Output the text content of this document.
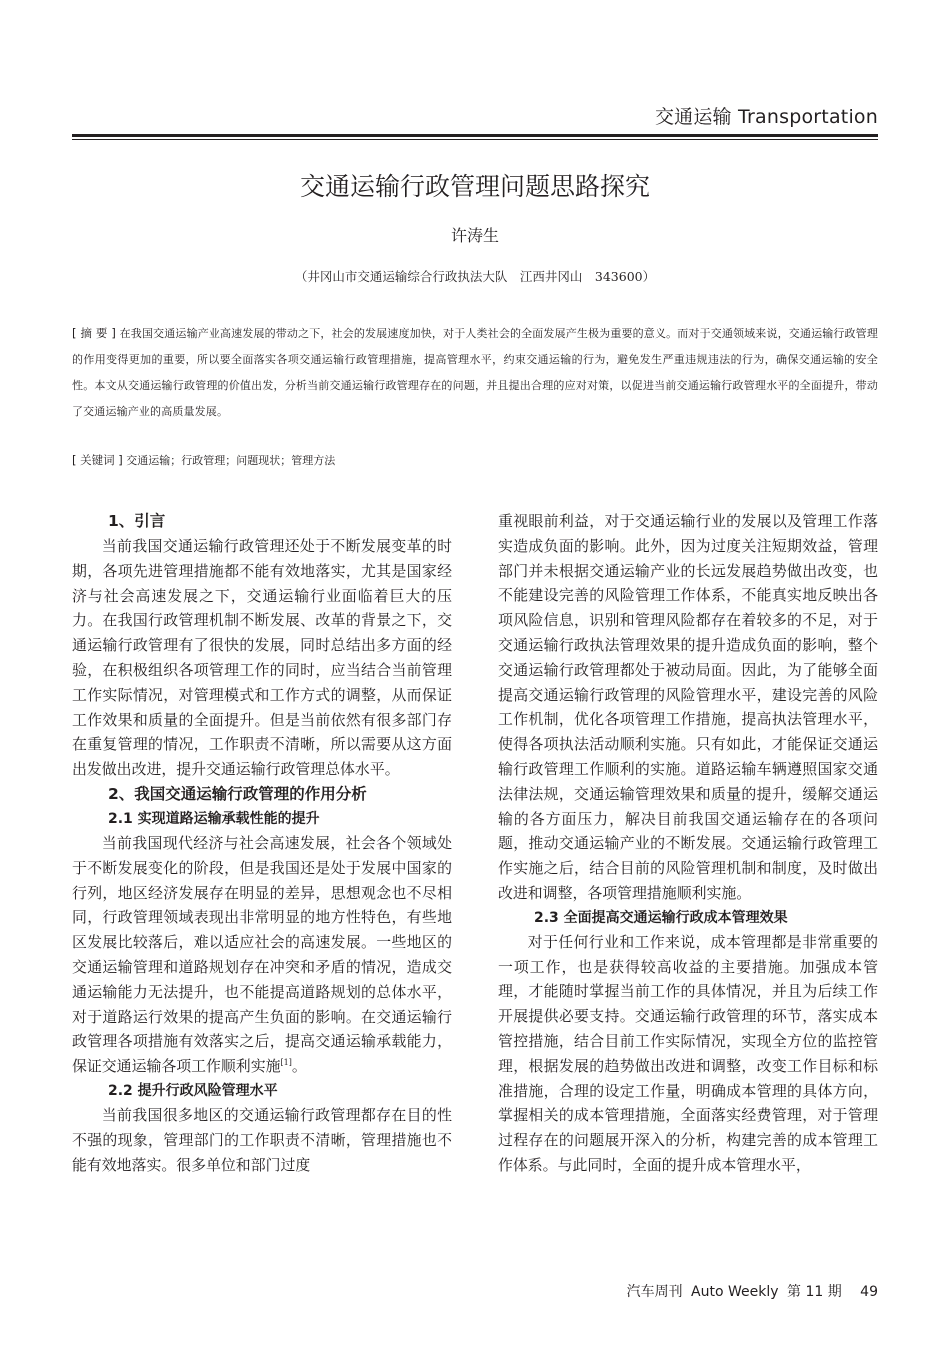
交通运输 Transportation
交通运输行政管理问题思路探究
许涛生
（井冈山市交通运输综合行政执法大队　江西井冈山　343600）
[ 摘 要 ] 在我国交通运输产业高速发展的带动之下，社会的发展速度加快，对于人类社会的全面发展产生极为重要的意义。而对于交通领域来说，交通运输行政管理的作用变得更加的重要，所以要全面落实各项交通运输行政管理措施，提高管理水平，约束交通运输的行为，避免发生严重违规违法的行为，确保交通运输的安全性。本文从交通运输行政管理的价值出发，分析当前交通运输行政管理存在的问题，并且提出合理的应对对策，以促进当前交通运输行政管理水平的全面提升，带动了交通运输产业的高质量发展。
[ 关键词 ] 交通运输；行政管理；问题现状；管理方法
1、引言

当前我国交通运输行政管理还处于不断发展变革的时期，各项先进管理措施都不能有效地落实，尤其是国家经济与社会高速发展之下，交通运输行业面临着巨大的压力。在我国行政管理机制不断发展、改革的背景之下，交通运输行政管理有了很快的发展，同时总结出多方面的经验，在积极组织各项管理工作的同时，应当结合当前管理工作实际情况，对管理模式和工作方式的调整，从而保证工作效果和质量的全面提升。但是当前依然有很多部门存在重复管理的情况，工作职责不清晰，所以需要从这方面出发做出改进，提升交通运输行政管理总体水平。

2、我国交通运输行政管理的作用分析
2.1 实现道路运输承载性能的提升

当前我国现代经济与社会高速发展，社会各个领域处于不断发展变化的阶段，但是我国还是处于发展中国家的行列，地区经济发展存在明显的差异，思想观念也不尽相同，行政管理领域表现出非常明显的地方性特色，有些地区发展比较落后，难以适应社会的高速发展。一些地区的交通运输管理和道路规划存在冲突和矛盾的情况，造成交通运输能力无法提升，也不能提高道路规划的总体水平，对于道路运行效果的提高产生负面的影响。在交通运输行政管理各项措施有效落实之后，提高交通运输承载能力，保证交通运输各项工作顺利实施[1]。

2.2 提升行政风险管理水平

当前我国很多地区的交通运输行政管理都存在目的性不强的现象，管理部门的工作职责不清晰，管理措施也不能有效地落实。很多单位和部门过度

重视眼前利益，对于交通运输行业的发展以及管理工作落实造成负面的影响。此外，因为过度关注短期效益，管理部门并未根据交通运输产业的长远发展趋势做出改变，也不能建设完善的风险管理工作体系，不能真实地反映出各项风险信息，识别和管理风险都存在着较多的不足，对于交通运输行政执法管理效果的提升造成负面的影响，整个交通运输行政管理都处于被动局面。因此，为了能够全面提高交通运输行政管理的风险管理水平，建设完善的风险工作机制，优化各项管理工作措施，提高执法管理水平，使得各项执法活动顺利实施。只有如此，才能保证交通运输行政管理工作顺利的实施。道路运输车辆遵照国家交通法律法规，交通运输管理效果和质量的提升，缓解交通运输的各方面压力，解决目前我国交通运输存在的各项问题，推动交通运输产业的不断发展。交通运输行政管理工作实施之后，结合目前的风险管理机制和制度，及时做出改进和调整，各项管理措施顺利实施。

2.3 全面提高交通运输行政成本管理效果

对于任何行业和工作来说，成本管理都是非常重要的一项工作，也是获得较高收益的主要措施。加强成本管理，才能随时掌握当前工作的具体情况，并且为后续工作开展提供必要支持。交通运输行政管理的环节，落实成本管控措施，结合目前工作实际情况，实现全方位的监控管理，根据发展的趋势做出改进和调整，改变工作目标和标准措施，合理的设定工作量，明确成本管理的具体方向，掌握相关的成本管理措施，全面落实经费管理，对于管理过程存在的问题展开深入的分析，构建完善的成本管理工作体系。与此同时，全面的提升成本管理水平，

汽车周刊 Auto Weekly 第 11 期 49
